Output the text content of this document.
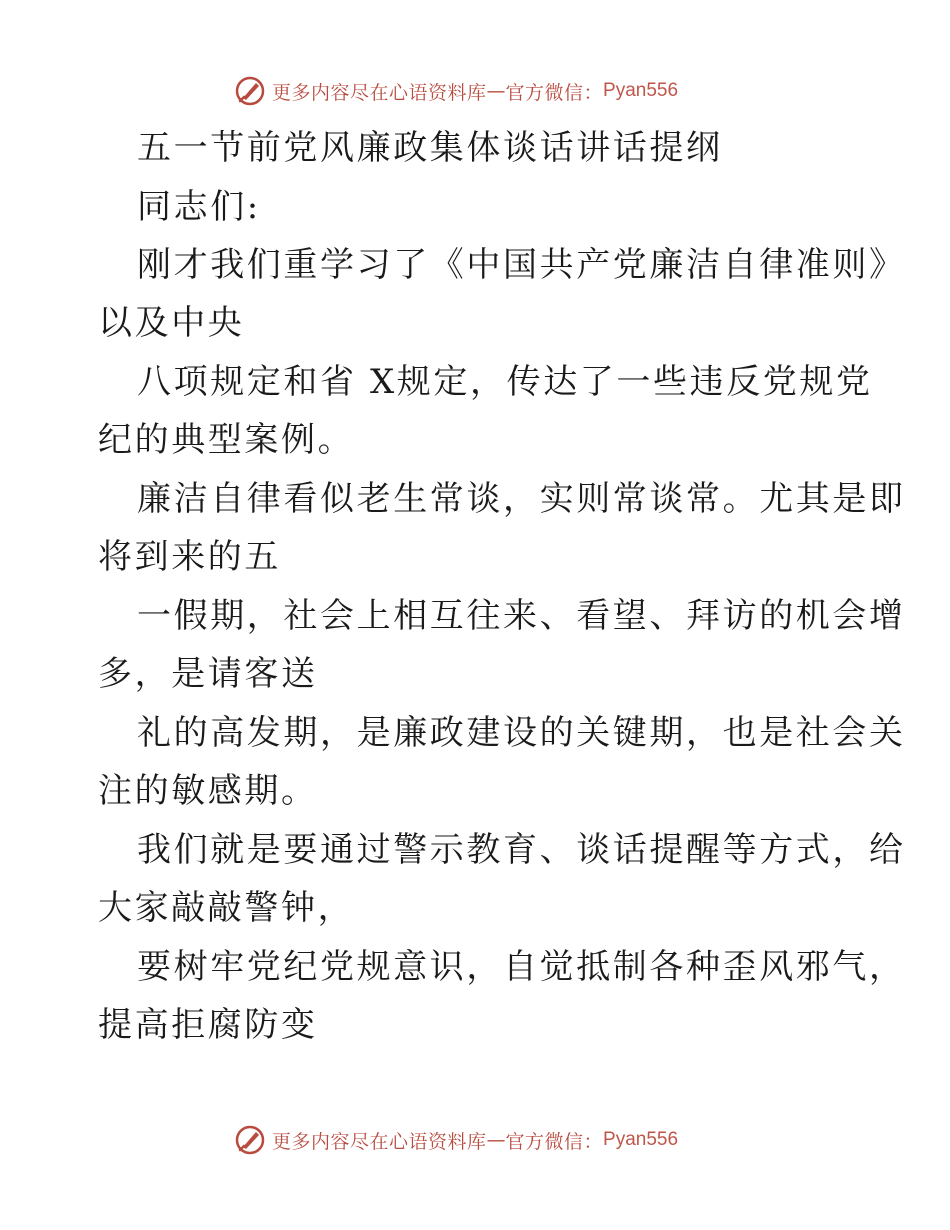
更多内容尽在心语资料库 — 官方微信： Pyan556
五一节前党风廉政集体谈话讲话提纲
同志们:
刚才我们重学习了《中国共产党廉洁自律准则》
以及中央
八项规定和省 X规定，传达了一些违反党规党
纪的典型案例。
廉洁自律看似老生常谈，实则常谈常。尤其是即
将到来的五
一假期，社会上相互往来、看望、拜访的机会增
多，是请客送
礼的高发期，是廉政建设的关键期，也是社会关
注的敏感期。
我们就是要通过警示教育、谈话提醒等方式，给
大家敲敲警钟，
要树牢党纪党规意识，自觉抵制各种歪风邪气，
提高拒腐防变
更多内容尽在心语资料库 — 官方微信： Pyan556
